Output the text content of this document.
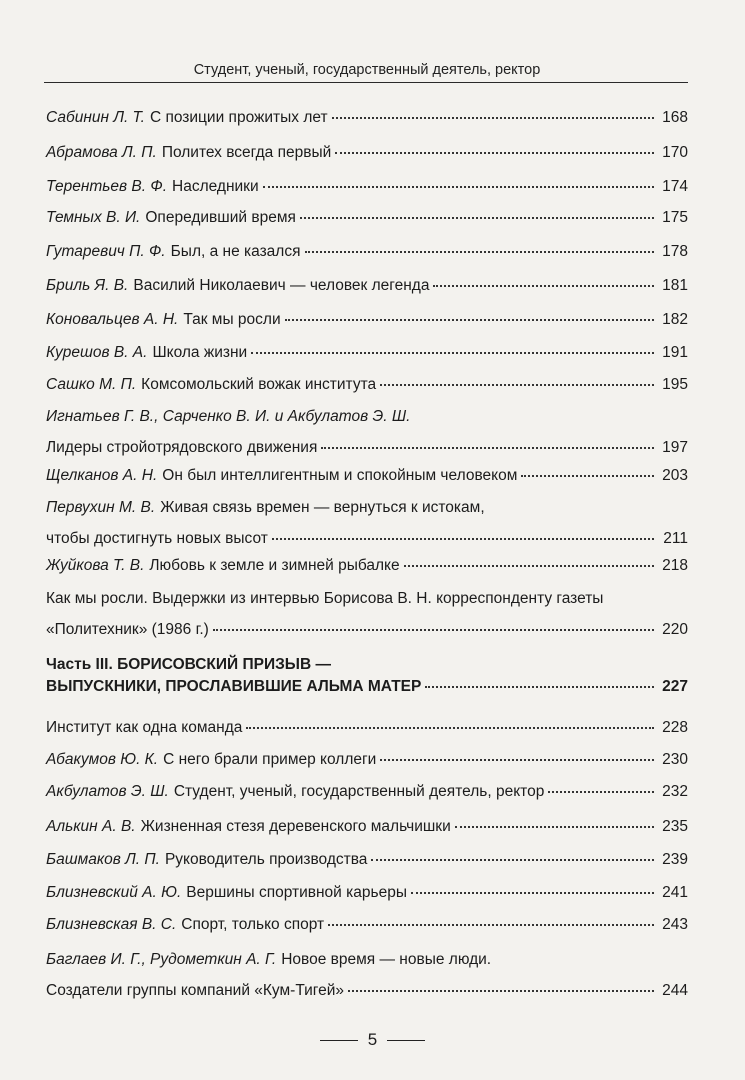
Студент, ученый, государственный деятель, ректор
Сабинин Л. Т. С позиции прожитых лет	168
Абрамова Л. П. Политех всегда первый	170
Терентьев В. Ф. Наследники	174
Темных В. И. Опередивший время	175
Гутаревич П. Ф. Был, а не казался	178
Бриль Я. В. Василий Николаевич — человек легенда	181
Коновальцев А. Н. Так мы росли	182
Курешов В. А. Школа жизни	191
Сашко М. П. Комсомольский вожак института	195
Игнатьев Г. В., Сарченко В. И. и Акбулатов Э. Ш.
Лидеры стройотрядовского движения	197
Щелканов А. Н. Он был интеллигентным и спокойным человеком	203
Первухин М. В. Живая связь времен — вернуться к истокам,
чтобы достигнуть новых высот	211
Жуйкова Т. В. Любовь к земле и зимней рыбалке	218
Как мы росли. Выдержки из интервью Борисова В. Н. корреспонденту газеты
«Политехник» (1986 г.)	220
Часть III. БОРИСОВСКИЙ ПРИЗЫВ —
ВЫПУСКНИКИ, ПРОСЛАВИВШИЕ АЛЬМА МАТЕР	227
Институт как одна команда	228
Абакумов Ю. К. С него брали пример коллеги	230
Акбулатов Э. Ш. Студент, ученый, государственный деятель, ректор	232
Алькин А. В. Жизненная стезя деревенского мальчишки	235
Башмаков Л. П. Руководитель производства	239
Близневский А. Ю. Вершины спортивной карьеры	241
Близневская В. С. Спорт, только спорт	243
Баглаев И. Г., Рудометкин А. Г. Новое время — новые люди.
Создатели группы компаний «Кум-Тигей»	244
5
